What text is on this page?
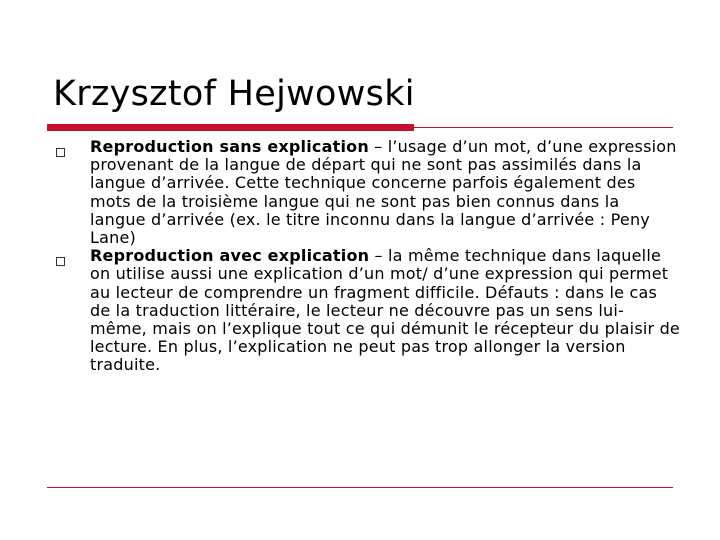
Krzysztof Hejwowski
Reproduction sans explication – l’usage d’un mot, d’une expression provenant de la langue de départ qui ne sont pas assimilés dans la langue d’arrivée. Cette technique concerne parfois également des mots de la troisième langue qui ne sont pas bien connus dans la langue d’arrivée (ex. le titre inconnu dans la langue d’arrivée : Peny Lane)
Reproduction avec explication – la même technique dans laquelle on utilise aussi une explication d’un mot/ d’une expression qui permet au lecteur de comprendre un fragment difficile. Défauts : dans le cas de la traduction littéraire, le lecteur ne découvre pas un sens lui-même, mais on l’explique tout ce qui démunit le récepteur du plaisir de lecture. En plus, l’explication ne peut pas trop allonger la version traduite.
